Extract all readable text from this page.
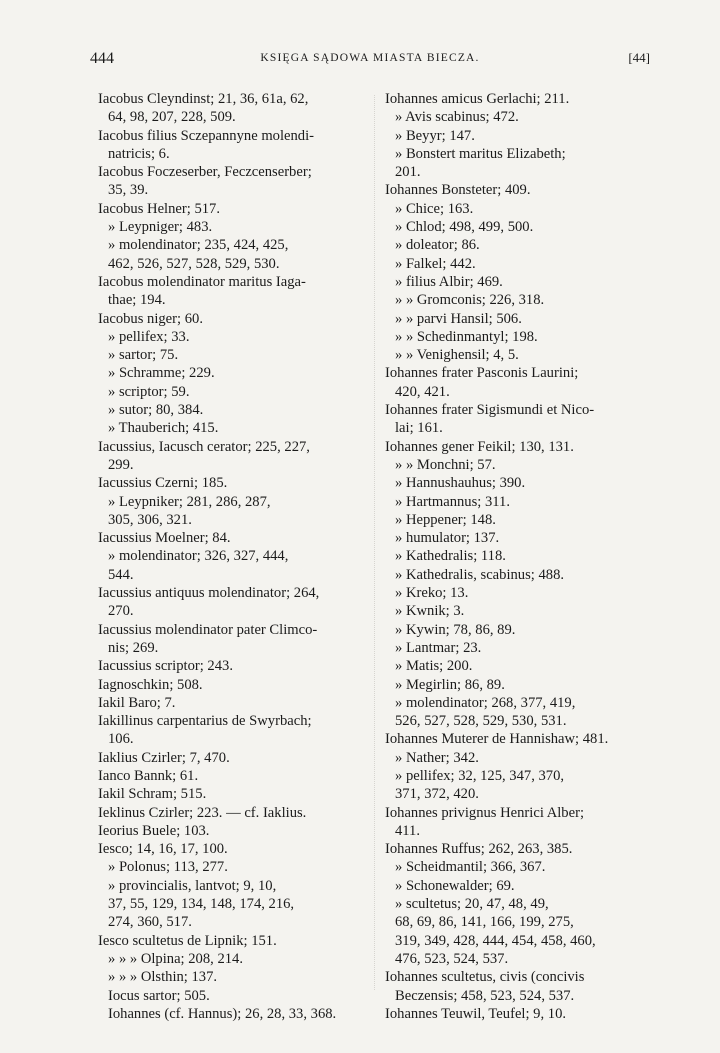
444	KSIĘGA SĄDOWA MIASTA BIECZA.	[44]
Iacobus Cleyndinst; 21, 36, 61a, 62,
64, 98, 207, 228, 509.
Iacobus filius Sczepannyne molendi-
natricis; 6.
Iacobus Foczeserber, Feczcenserber;
35, 39.
Iacobus Helner; 517.
» Leypniger; 483.
» molendinator; 235, 424, 425,
462, 526, 527, 528, 529, 530.
Iacobus molendinator maritus Iaga-
thae; 194.
Iacobus niger; 60.
» pellifex; 33.
» sartor; 75.
» Schramme; 229.
» scriptor; 59.
» sutor; 80, 384.
» Thauberich; 415.
Iacussius, Iacusch cerator; 225, 227,
299.
Iacussius Czerni; 185.
» Leypniker; 281, 286, 287,
305, 306, 321.
Iacussius Moelner; 84.
» molendinator; 326, 327, 444,
544.
Iacussius antiquus molendinator; 264,
270.
Iacussius molendinator pater Climco-
nis; 269.
Iacussius scriptor; 243.
Iagnoschkin; 508.
Iakil Baro; 7.
Iakillinus carpentarius de Swyrbach;
106.
Iaklius Czirler; 7, 470.
Ianco Bannk; 61.
Iakil Schram; 515.
Ieklinus Czirler; 223. — cf. Iaklius.
Ieorius Buele; 103.
Iesco; 14, 16, 17, 100.
» Polonus; 113, 277.
» provincialis, lantvot; 9, 10,
37, 55, 129, 134, 148, 174, 216,
274, 360, 517.
Iesco scultetus de Lipnik; 151.
» » » Olpina; 208, 214.
» » » Olsthin; 137.
Iocus sartor; 505.
Iohannes (cf. Hannus); 26, 28, 33, 368.
Iohannes amicus Gerlachi; 211.
» Avis scabinus; 472.
» Beyyr; 147.
» Bonstert maritus Elizabeth;
201.
Iohannes Bonsteter; 409.
» Chice; 163.
» Chlod; 498, 499, 500.
» doleator; 86.
» Falkel; 442.
» filius Albir; 469.
» » Gromconis; 226, 318.
» » parvi Hansil; 506.
» » Schedinmantyl; 198.
» » Venighensil; 4, 5.
Iohannes frater Pasconis Laurini;
420, 421.
Iohannes frater Sigismundi et Nico-
lai; 161.
Iohannes gener Feikil; 130, 131.
» » Monchni; 57.
» Hannushauhus; 390.
» Hartmannus; 311.
» Heppener; 148.
» humulator; 137.
» Kathedralis; 118.
» Kathedralis, scabinus; 488.
» Kreko; 13.
» Kwnik; 3.
» Kywin; 78, 86, 89.
» Lantmar; 23.
» Matis; 200.
» Megirlin; 86, 89.
» molendinator; 268, 377, 419,
526, 527, 528, 529, 530, 531.
Iohannes Muterer de Hannishaw; 481.
» Nather; 342.
» pellifex; 32, 125, 347, 370,
371, 372, 420.
Iohannes privignus Henrici Alber;
411.
Iohannes Ruffus; 262, 263, 385.
» Scheidmantil; 366, 367.
» Schonewalder; 69.
» scultetus; 20, 47, 48, 49,
68, 69, 86, 141, 166, 199, 275,
319, 349, 428, 444, 454, 458, 460,
476, 523, 524, 537.
Iohannes scultetus, civis (concivis
Beczensis; 458, 523, 524, 537.
Iohannes Teuwil, Teufel; 9, 10.
